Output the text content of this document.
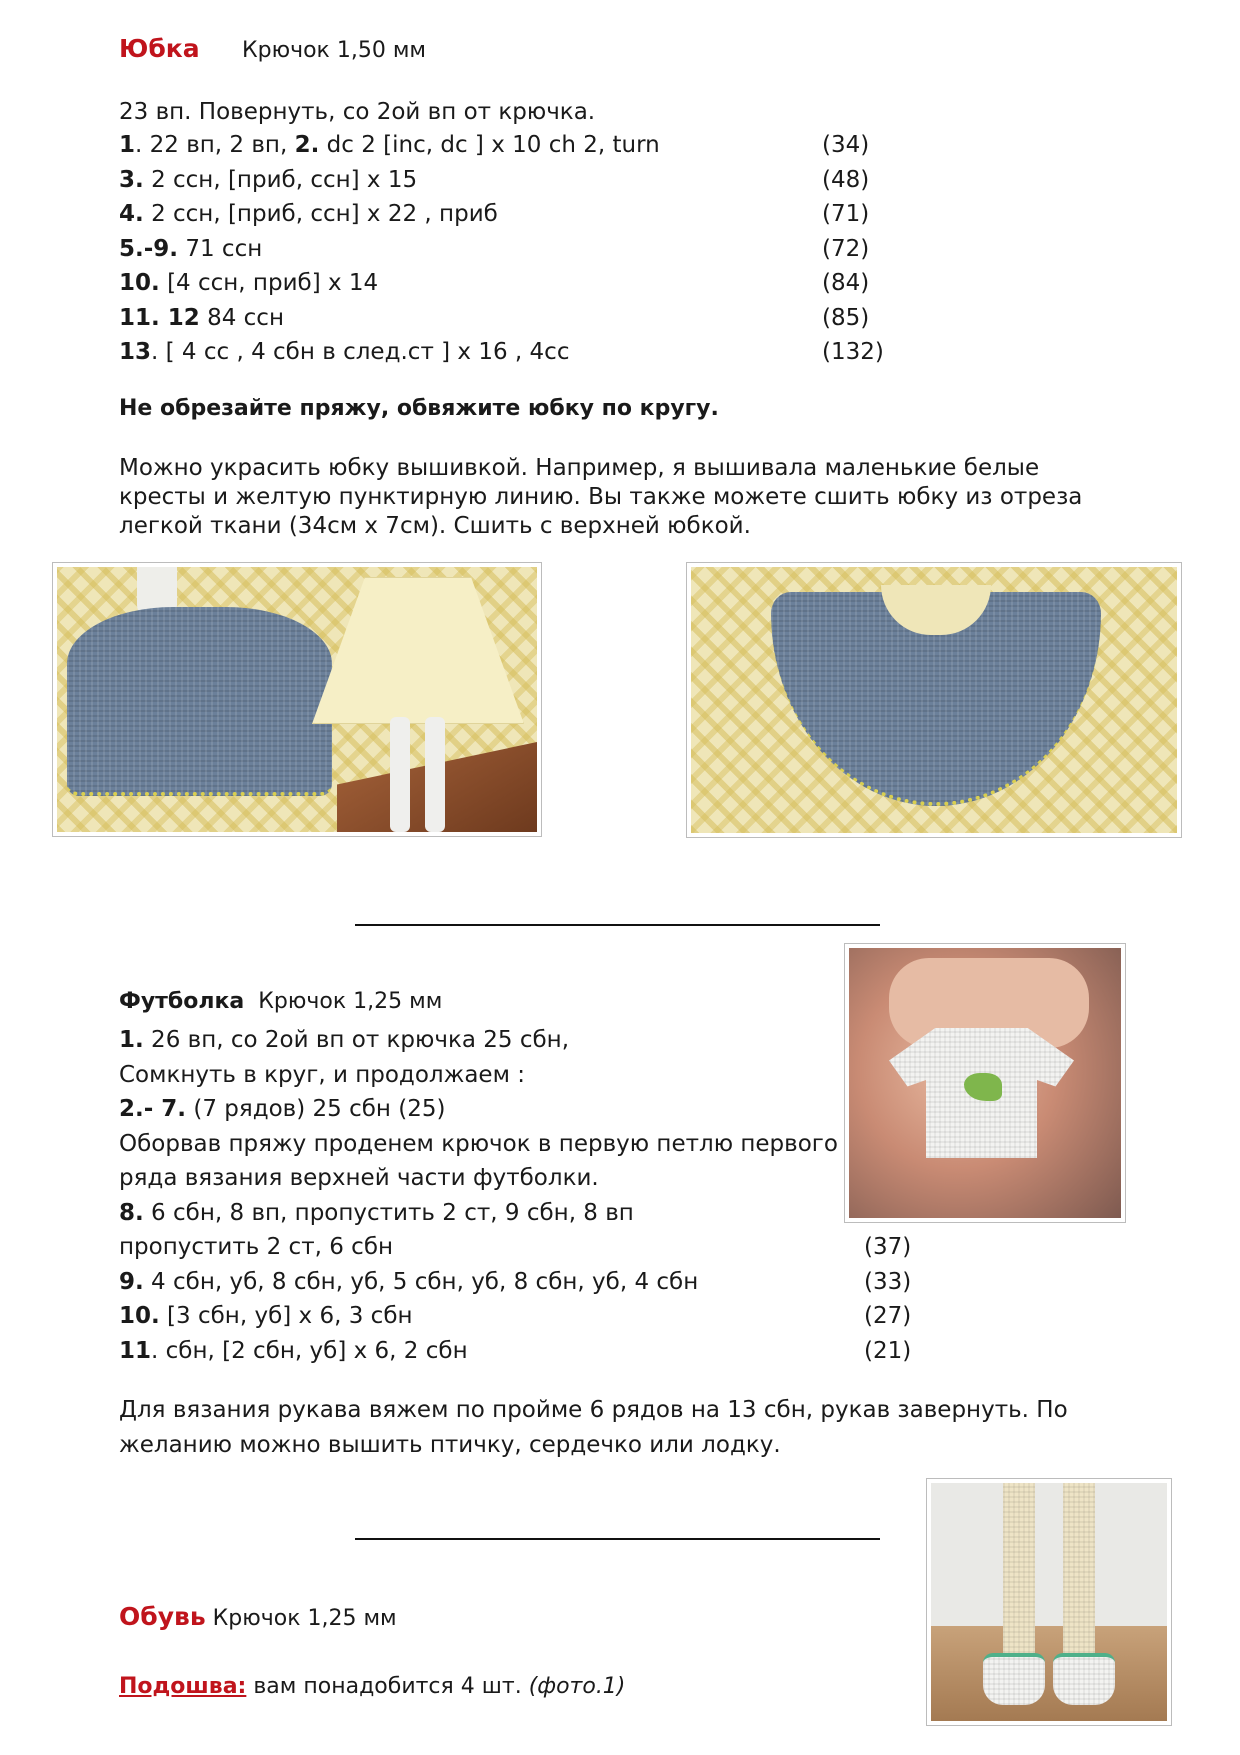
Юбка Крючок 1,50 мм
23 вп. Повернуть, со 2ой вп от крючка.
1. 22 вп, 2 вп, 2. dc 2 [inc, dc ] x 10 ch 2, turn	(34)
3. 2 ссн, [приб, ссн] x 15	(48)
4. 2 ссн, [приб, ссн] x 22 , приб	(71)
5.-9. 71 ссн	(72)
10. [4 ссн, приб] x 14	(84)
11. 12 84 ссн	(85)
13. [ 4 сс , 4 сбн в след.ст ] x 16 , 4сс	(132)
Не обрезайте пряжу, обвяжите юбку по кругу.
Можно украсить юбку вышивкой. Например, я вышивала маленькие белые
кресты и желтую пунктирную линию. Вы также можете сшить юбку из отреза
легкой ткани (34см x 7см). Сшить с верхней юбкой.
Футболка Крючок 1,25 мм
1. 26 вп, со 2ой вп от крючка 25 сбн,
Сомкнуть в круг, и продолжаем :
2.- 7. (7 рядов) 25 сбн (25)
Оборвав пряжу проденем крючок в первую петлю первого
ряда вязания верхней части футболки.
8. 6 сбн, 8 вп, пропустить 2 ст, 9 сбн, 8 вп
пропустить 2 ст, 6 сбн	(37)
9. 4 сбн, уб, 8 сбн, уб, 5 сбн, уб, 8 сбн, уб, 4 сбн	(33)
10. [3 сбн, уб] x 6, 3 сбн	(27)
11. сбн, [2 сбн, уб] x 6, 2 сбн	(21)
Для вязания рукава вяжем по пройме 6 рядов на 13 сбн, рукав завернуть. По
желанию можно вышить птичку, сердечко или лодку.
Обувь Крючок 1,25 мм
Подошва: вам понадобится 4 шт. (фото.1)
